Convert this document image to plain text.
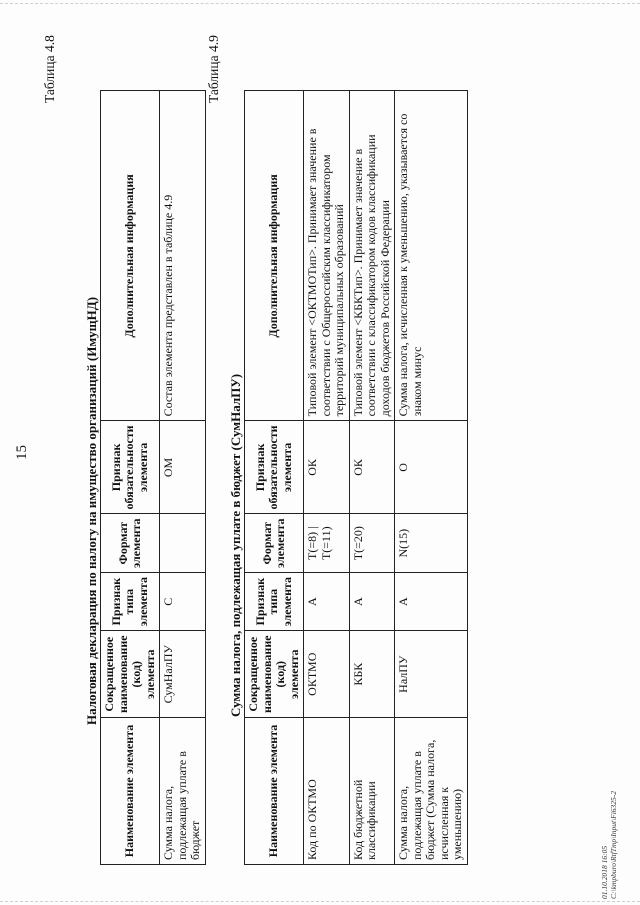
15
Таблица 4.8
Налоговая декларация по налогу на имущество организаций (ИмущНД)
Наименование элемента	Сокращенное наименование (код) элемента	Признак типа элемента	Формат элемента	Признак обязательности элемента	Дополнительная информация
Сумма налога, подлежащая уплате в бюджет	СумНалПУ	С		ОМ	Состав элемента представлен в таблице 4.9
Таблица 4.9
Сумма налога, подлежащая уплате в бюджет (СумНалПУ)
Наименование элемента	Сокращенное наименование (код) элемента	Признак типа элемента	Формат элемента	Признак обязательности элемента	Дополнительная информация
Код по ОКТМО	ОКТМО	А	T(=8) | T(=11)	ОК	Типовой элемент <ОКТМОТип>. Принимает значение в соответствии с Общероссийским классификатором территорий муниципальных образований
Код бюджетной классификации	КБК	А	T(=20)	ОК	Типовой элемент <КБКТип>. Принимает значение в соответствии с классификатором кодов классификации доходов бюджетов Российской Федерации
Сумма налога, подлежащая уплате в бюджет (Сумма налога, исчисленная к уменьшению)	НалПУ	А	N(15)	О	Сумма налога, исчисленная к уменьшению, указывается со знаком минус
01.10.2018 16:05 C:\kmpburo\RtfTmp\Input\Fi6325-2
